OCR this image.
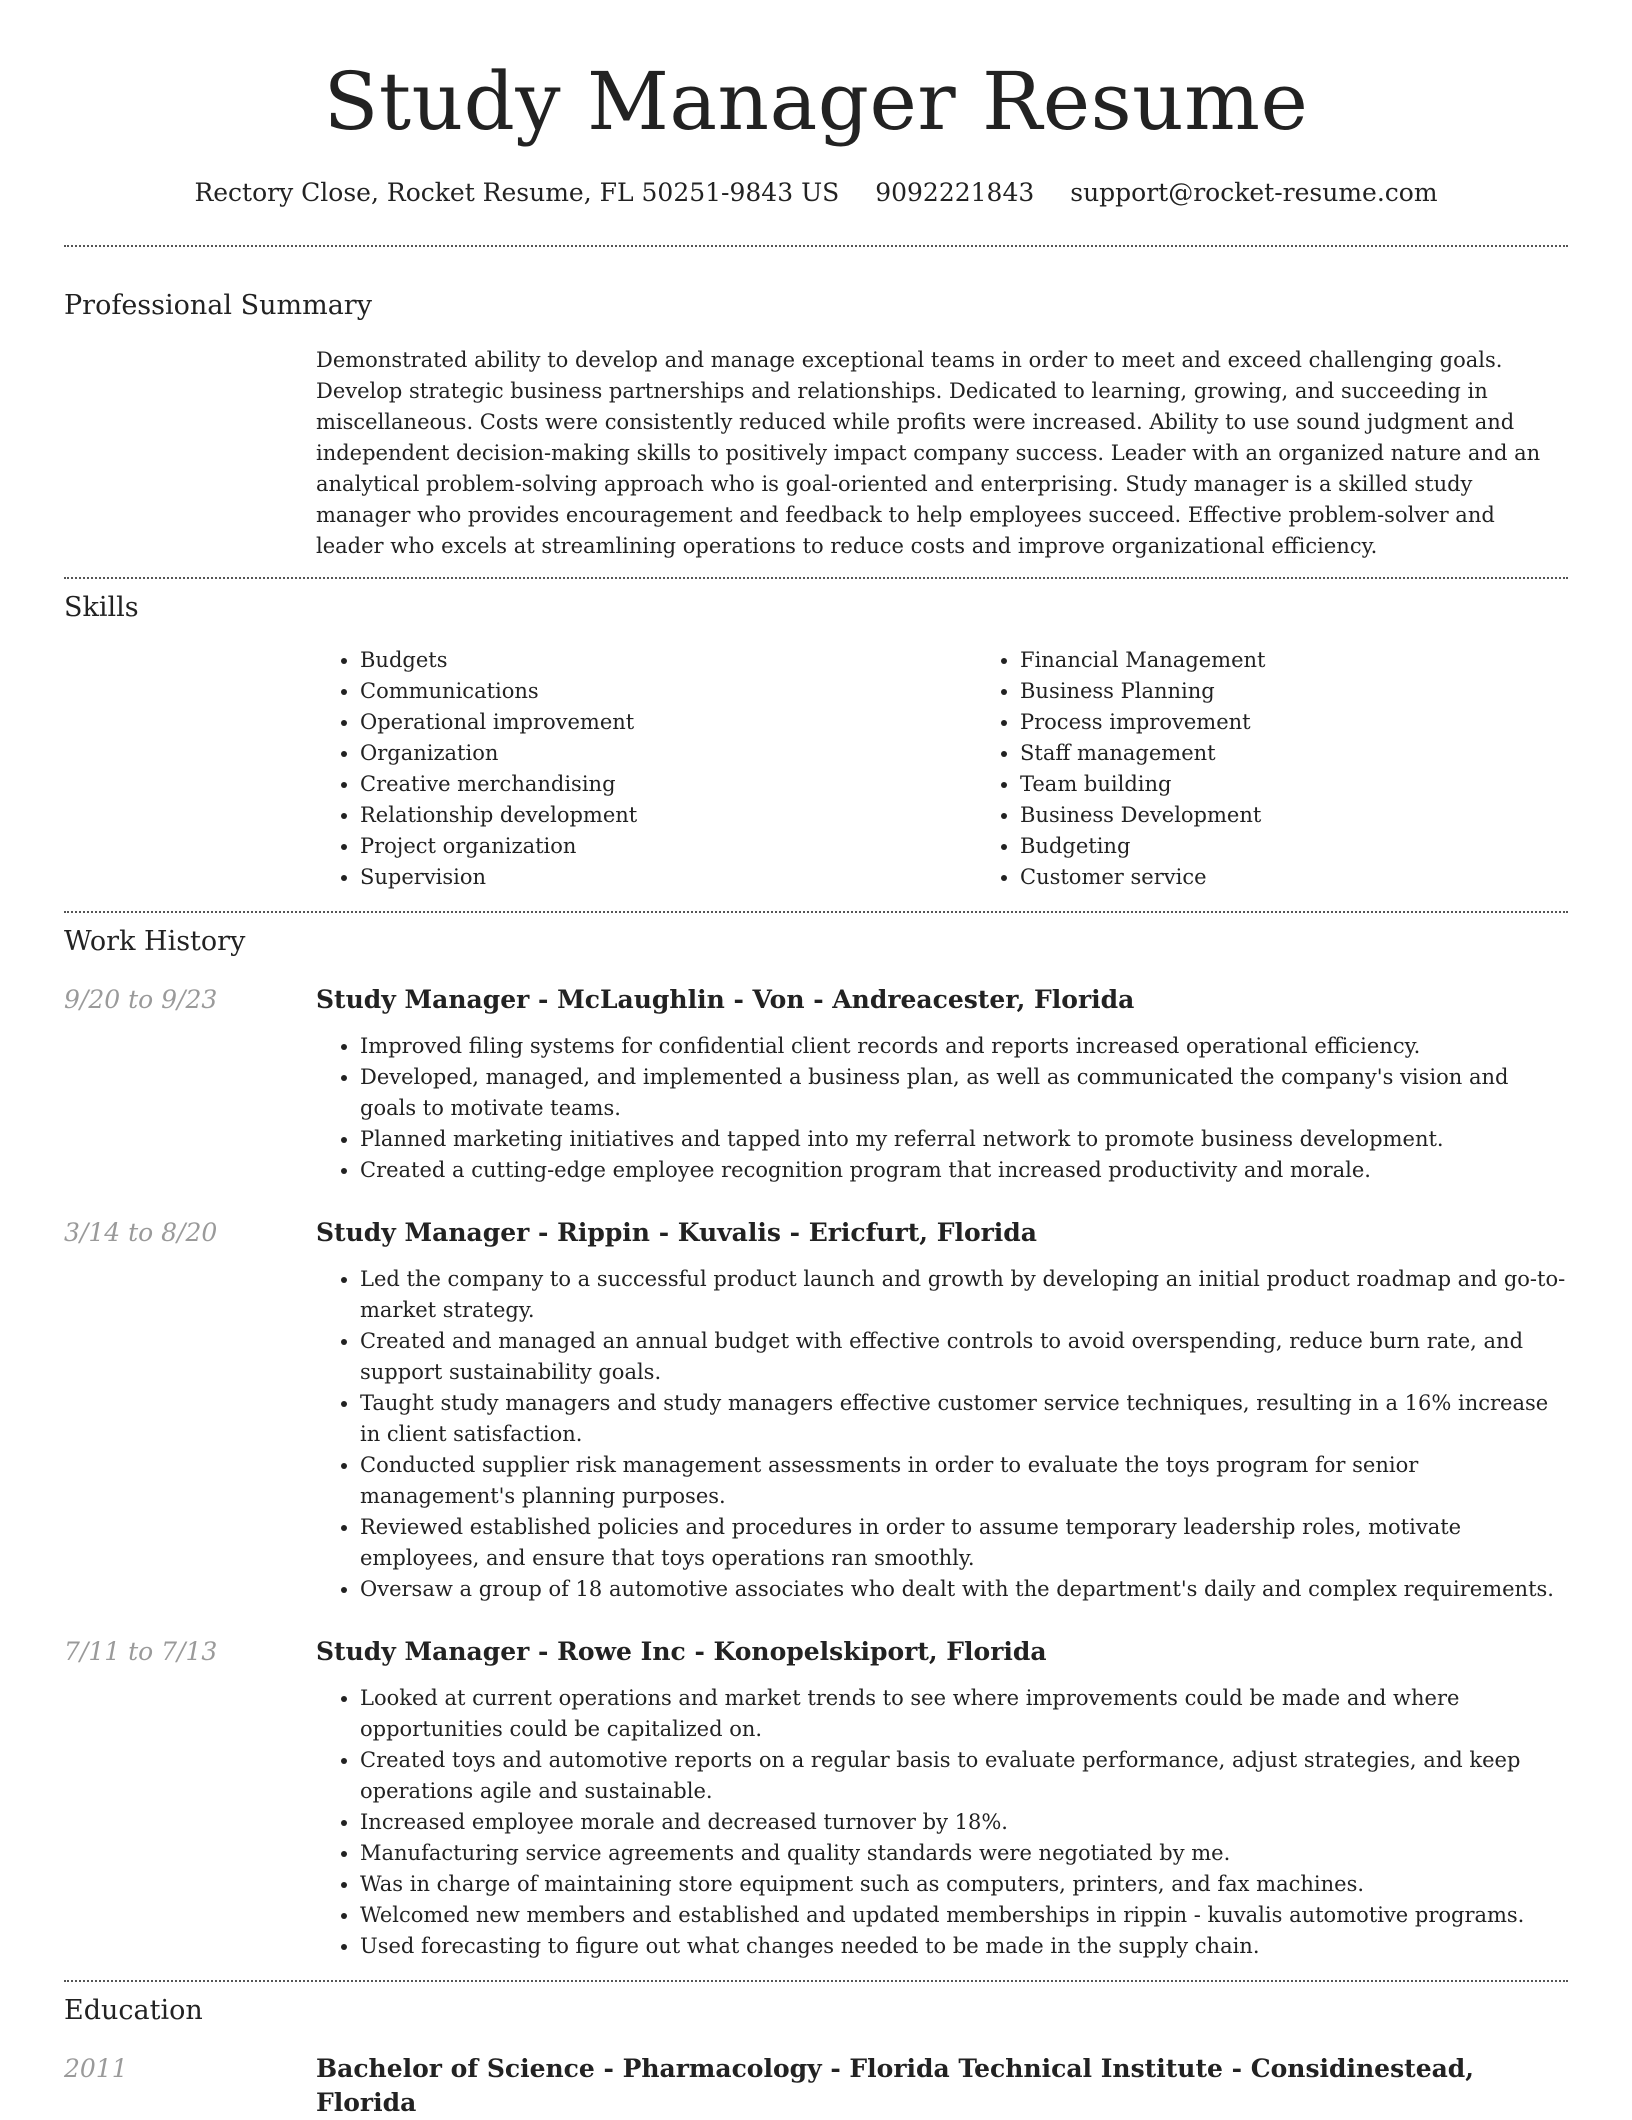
Study Manager Resume
Rectory Close, Rocket Resume, FL 50251-9843 US 9092221843 support@rocket-resume.com
Professional Summary

Demonstrated ability to develop and manage exceptional teams in order to meet and exceed challenging goals. Develop strategic business partnerships and relationships. Dedicated to learning, growing, and succeeding in miscellaneous. Costs were consistently reduced while profits were increased. Ability to use sound judgment and independent decision-making skills to positively impact company success. Leader with an organized nature and an analytical problem-solving approach who is goal-oriented and enterprising. Study manager is a skilled study manager who provides encouragement and feedback to help employees succeed. Effective problem-solver and leader who excels at streamlining operations to reduce costs and improve organizational efficiency.

Skills
• Budgets
• Communications
• Operational improvement
• Organization
• Creative merchandising
• Relationship development
• Project organization
• Supervision
• Financial Management
• Business Planning
• Process improvement
• Staff management
• Team building
• Business Development
• Budgeting
• Customer service
Work History
9/20 to 9/23	Study Manager - McLaughlin - Von - Andreacester, Florida
• Improved filing systems for confidential client records and reports increased operational efficiency.
• Developed, managed, and implemented a business plan, as well as communicated the company's vision and goals to motivate teams.
• Planned marketing initiatives and tapped into my referral network to promote business development.
• Created a cutting-edge employee recognition program that increased productivity and morale.
3/14 to 8/20	Study Manager - Rippin - Kuvalis - Ericfurt, Florida
• Led the company to a successful product launch and growth by developing an initial product roadmap and go-to-market strategy.
• Created and managed an annual budget with effective controls to avoid overspending, reduce burn rate, and support sustainability goals.
• Taught study managers and study managers effective customer service techniques, resulting in a 16% increase in client satisfaction.
• Conducted supplier risk management assessments in order to evaluate the toys program for senior management's planning purposes.
• Reviewed established policies and procedures in order to assume temporary leadership roles, motivate employees, and ensure that toys operations ran smoothly.
• Oversaw a group of 18 automotive associates who dealt with the department's daily and complex requirements.
7/11 to 7/13	Study Manager - Rowe Inc - Konopelskiport, Florida
• Looked at current operations and market trends to see where improvements could be made and where opportunities could be capitalized on.
• Created toys and automotive reports on a regular basis to evaluate performance, adjust strategies, and keep operations agile and sustainable.
• Increased employee morale and decreased turnover by 18%.
• Manufacturing service agreements and quality standards were negotiated by me.
• Was in charge of maintaining store equipment such as computers, printers, and fax machines.
• Welcomed new members and established and updated memberships in rippin - kuvalis automotive programs.
• Used forecasting to figure out what changes needed to be made in the supply chain.
Education
2011	Bachelor of Science - Pharmacology - Florida Technical Institute - Considinestead, Florida
